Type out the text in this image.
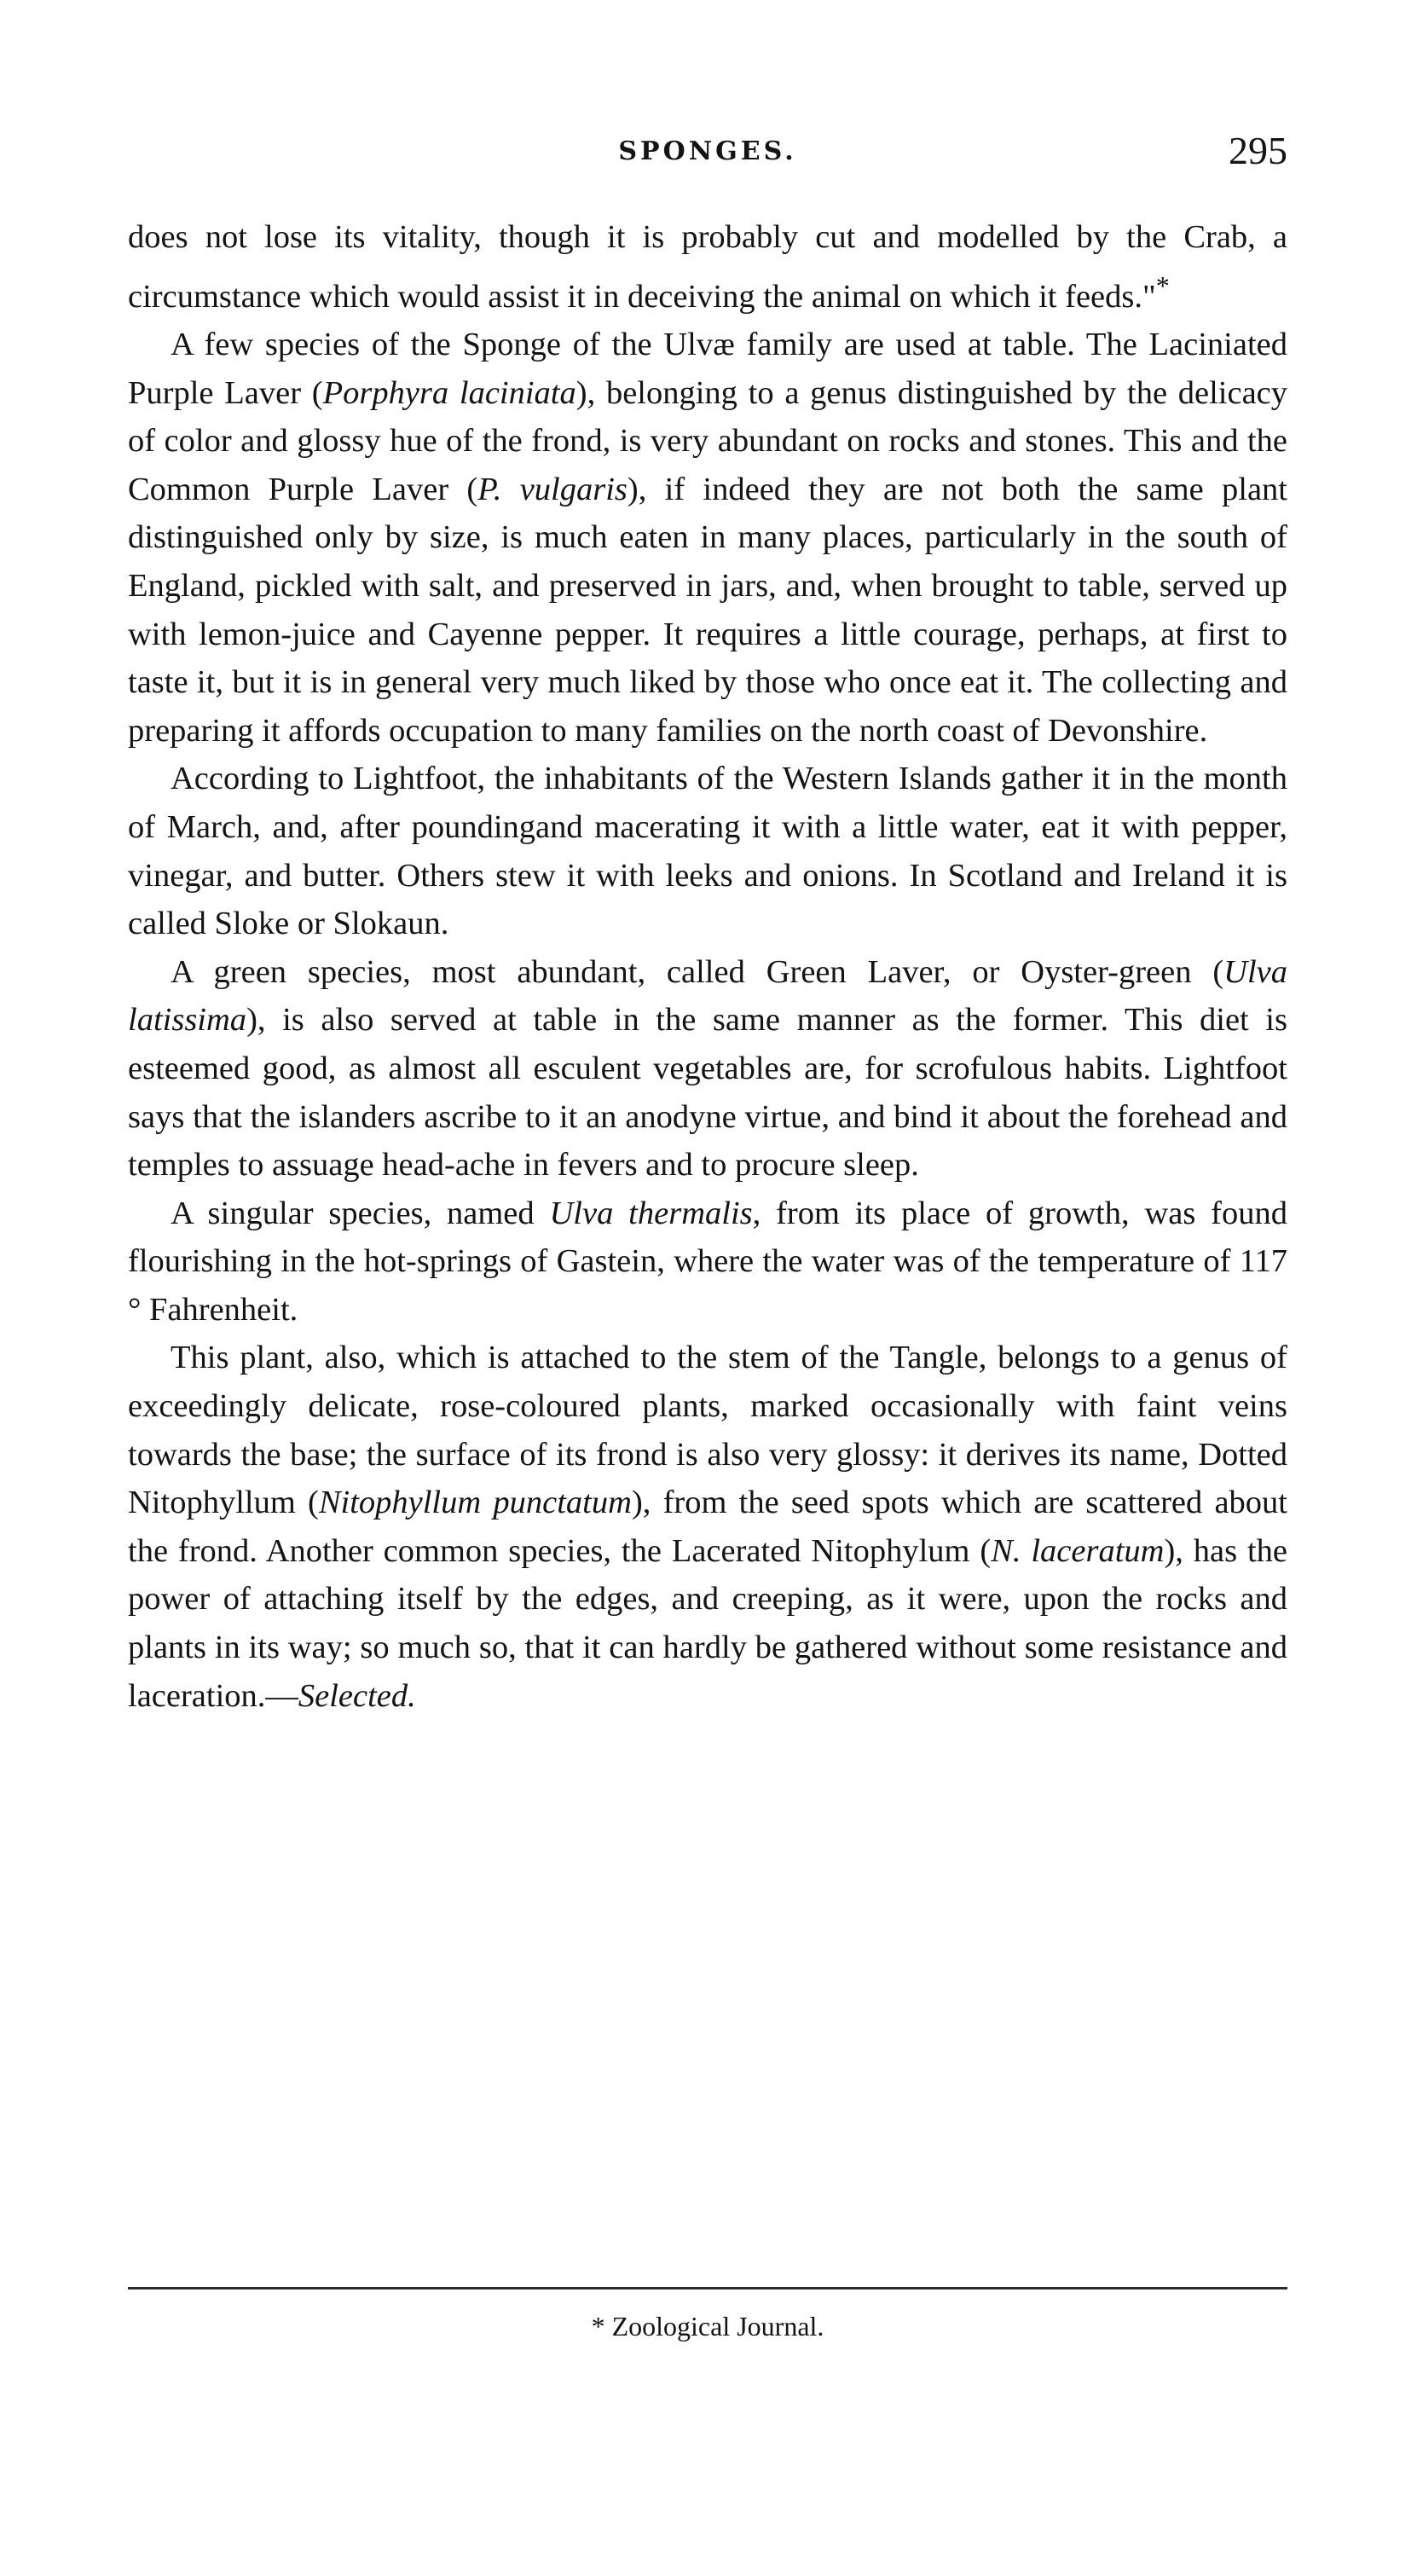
SPONGES.	295

does not lose its vitality, though it is probably cut and modelled by the Crab, a circumstance which would assist it in deceiving the animal on which it feeds."*

A few species of the Sponge of the Ulvæ family are used at table. The Laciniated Purple Laver (Porphyra laciniata), belonging to a genus distinguished by the delicacy of color and glossy hue of the frond, is very abundant on rocks and stones. This and the Common Purple Laver (P. vulgaris), if indeed they are not both the same plant distinguished only by size, is much eaten in many places, particularly in the south of England, pickled with salt, and preserved in jars, and, when brought to table, served up with lemon-juice and Cayenne pepper. It requires a little courage, perhaps, at first to taste it, but it is in general very much liked by those who once eat it. The collecting and preparing it affords occupation to many families on the north coast of Devonshire.

According to Lightfoot, the inhabitants of the Western Islands gather it in the month of March, and, after poundingand macerating it with a little water, eat it with pepper, vinegar, and butter. Others stew it with leeks and onions. In Scotland and Ireland it is called Sloke or Slokaun.

A green species, most abundant, called Green Laver, or Oyster-green (Ulva latissima), is also served at table in the same manner as the former. This diet is esteemed good, as almost all esculent vegetables are, for scrofulous habits. Lightfoot says that the islanders ascribe to it an anodyne virtue, and bind it about the forehead and temples to assuage head-ache in fevers and to procure sleep.

A singular species, named Ulva thermalis, from its place of growth, was found flourishing in the hot-springs of Gastein, where the water was of the temperature of 117 ° Fahrenheit.

This plant, also, which is attached to the stem of the Tangle, belongs to a genus of exceedingly delicate, rose-coloured plants, marked occasionally with faint veins towards the base; the surface of its frond is also very glossy: it derives its name, Dotted Nitophyllum (Nitophyllum punctatum), from the seed spots which are scattered about the frond. Another common species, the Lacerated Nitophylum (N. laceratum), has the power of attaching itself by the edges, and creeping, as it were, upon the rocks and plants in its way; so much so, that it can hardly be gathered without some resistance and laceration.—Selected.

* Zoological Journal.
